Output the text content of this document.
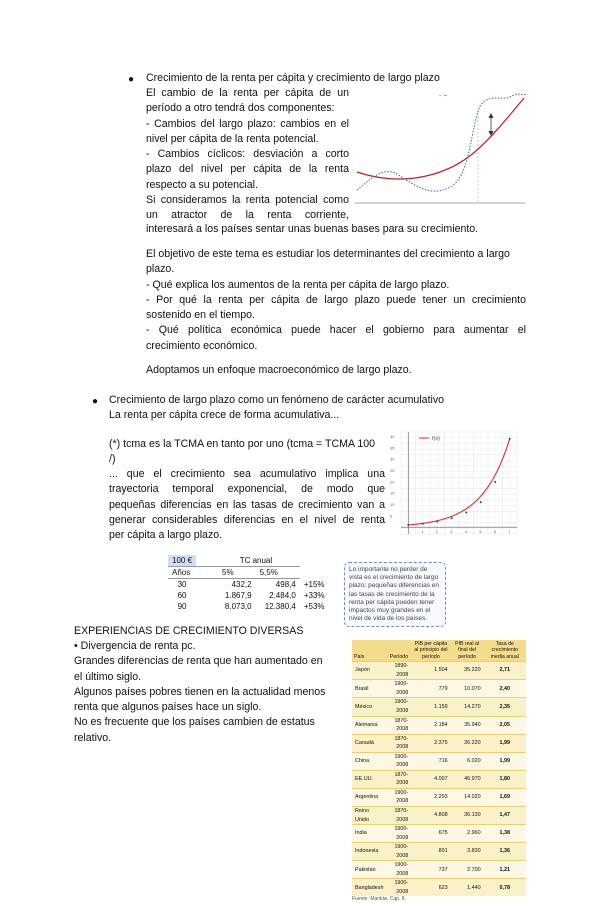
● Crecimiento de la renta per cápita y crecimiento de largo plazo

El cambio de la renta per cápita de un

período a otro tendrá dos componentes:

- Cambios del largo plazo: cambios en el

nivel per cápita de la renta potencial.

- Cambios cíclicos: desviación a corto

plazo del nivel per cápita de la renta

respecto a su potencial.

Si consideramos la renta potencial como

un atractor de la renta corriente,

interesará a los países sentar unas buenas bases para su crecimiento.

- ~

El objetivo de este tema es estudiar los determinantes del crecimiento a largo

plazo.

- Qué explica los aumentos de la renta per cápita de largo plazo.

- Por qué la renta per cápita de largo plazo puede tener un crecimiento

sostenido en el tiempo.

- Qué política económica puede hacer el gobierno para aumentar el

crecimiento económico.

Adoptamos un enfoque macroeconómico de largo plazo.

● Crecimiento de largo plazo como un fenómeno de carácter acumulativo

La renta per cápita crece de forma acumulativa...

(*) tcma es la TCMA en tanto por uno (tcma = TCMA 100

/)

... que el crecimiento sea acumulativo implica una

trayectoria temporal exponencial, de modo que

pequeñas diferencias en las tasas de crecimiento van a

generar considerables diferencias en el nivel de renta

per cápita a largo plazo.	1	2	3	4	5	6	7
40
35
30
25
20
15
10
5
f(x)
100 €	TC anual		
Años	5%	5,5%	
30	432,2	498,4	+15%
60	1.867,9	2.484,0	+33%
90	8.073,0	12.380,4	+53%
Lo importante no perder de vista es el crecimiento de largo plazo: pequeñas diferencias en las tasas de crecimiento de la renta per cápita pueden tener impactos muy grandes en el nivel de vida de los países.

EXPERIENCIAS DE CRECIMIENTO DIVERSAS

• Divergencia de renta pc.

Grandes diferencias de renta que han aumentado en

el último siglo.

Algunos países pobres tienen en la actualidad menos

renta que algunos países hace un siglo.

No es frecuente que los países cambien de estatus

relativo.

País	Período	PIB per cápita al principio del período	PIB real al final del período	Tasa de crecimiento media anual
Japón	1890-2008	1.504	35.220	2,71
Brasil	1900-2008	779	10.070	2,40
México	1900-2008	1.159	14.270	2,35
Alemania	1870-2008	2.184	35.940	2,05
Canadá	1870-2008	2.375	36.220	1,99
China	1900-2008	716	6.020	1,99
EE.UU.	1870-2008	4.007	46.970	1,80
Argentina	1900-2008	2.293	14.020	1,69
Reino Unido	1870-2008	4.808	36.130	1,47
India	1900-2008	675	2.960	1,38
Indonesia	1900-2008	891	3.830	1,36
Pakistán	1900-2008	737	2.700	1,21
Bangladesh	1900-2008	623	1.440	0,78
Fuente: Mankiw, Cap. 8.
